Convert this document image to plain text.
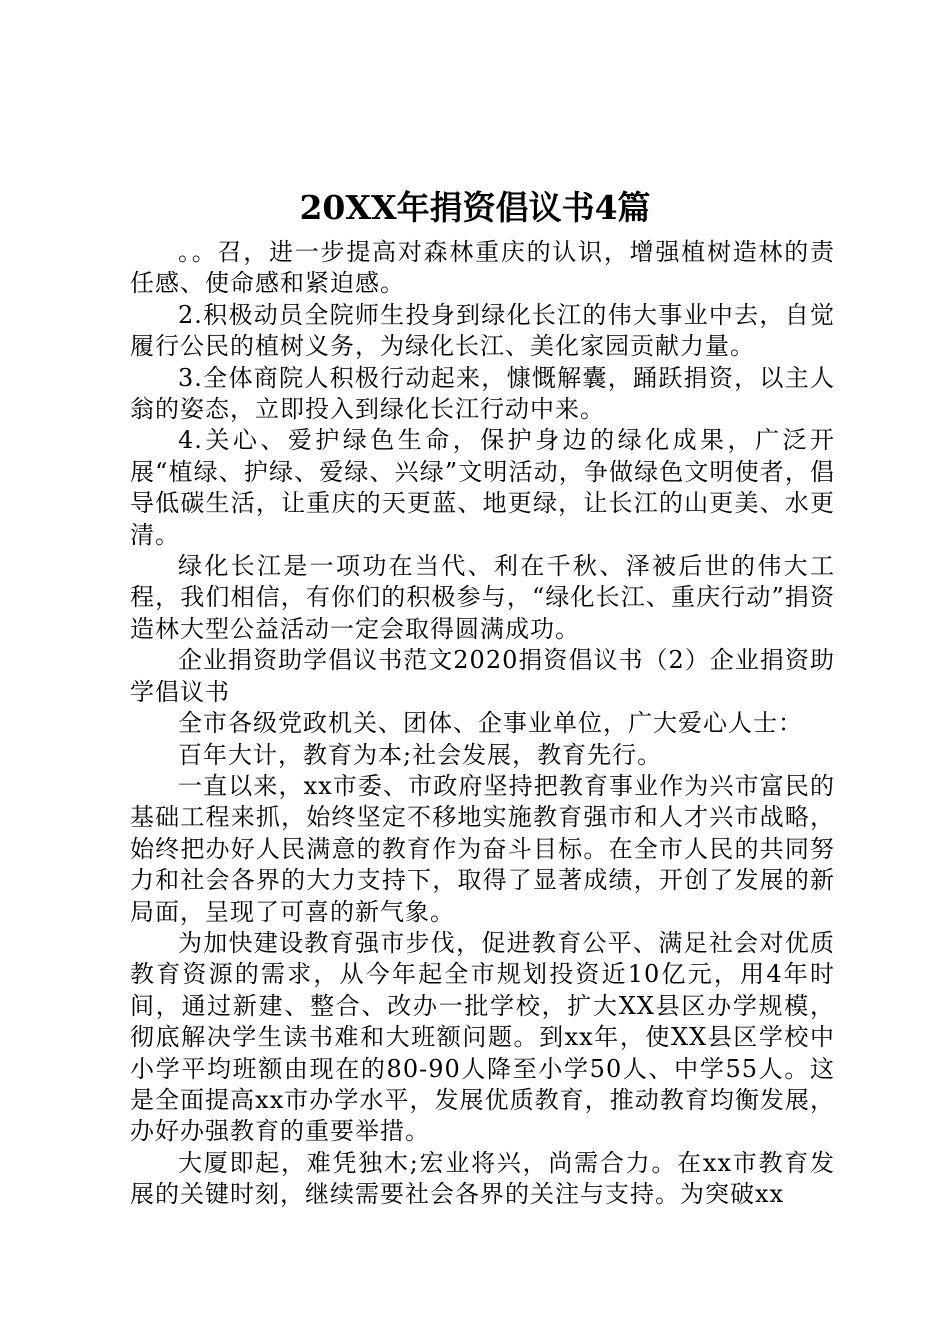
20XX年捐资倡议书4篇

。。召，进一步提高对森林重庆的认识，增强植树造林的责任感、使命感和紧迫感。

2.积极动员全院师生投身到绿化长江的伟大事业中去，自觉履行公民的植树义务，为绿化长江、美化家园贡献力量。

3.全体商院人积极行动起来，慷慨解囊，踊跃捐资，以主人翁的姿态，立即投入到绿化长江行动中来。

4.关心、爱护绿色生命，保护身边的绿化成果，广泛开展“植绿、护绿、爱绿、兴绿”文明活动，争做绿色文明使者，倡导低碳生活，让重庆的天更蓝、地更绿，让长江的山更美、水更清。

绿化长江是一项功在当代、利在千秋、泽被后世的伟大工程，我们相信，有你们的积极参与，“绿化长江、重庆行动”捐资造林大型公益活动一定会取得圆满成功。

企业捐资助学倡议书范文2020捐资倡议书（2）企业捐资助学倡议书

全市各级党政机关、团体、企事业单位，广大爱心人士：

百年大计，教育为本;社会发展，教育先行。

一直以来，xx市委、市政府坚持把教育事业作为兴市富民的基础工程来抓，始终坚定不移地实施教育强市和人才兴市战略，始终把办好人民满意的教育作为奋斗目标。在全市人民的共同努力和社会各界的大力支持下，取得了显著成绩，开创了发展的新局面，呈现了可喜的新气象。

为加快建设教育强市步伐，促进教育公平、满足社会对优质教育资源的需求，从今年起全市规划投资近10亿元，用4年时间，通过新建、整合、改办一批学校，扩大XX县区办学规模，彻底解决学生读书难和大班额问题。到xx年，使XX县区学校中小学平均班额由现在的80-90人降至小学50人、中学55人。这是全面提高xx市办学水平，发展优质教育，推动教育均衡发展，办好办强教育的重要举措。

大厦即起，难凭独木;宏业将兴，尚需合力。在xx市教育发展的关键时刻，继续需要社会各界的关注与支持。为突破xx
